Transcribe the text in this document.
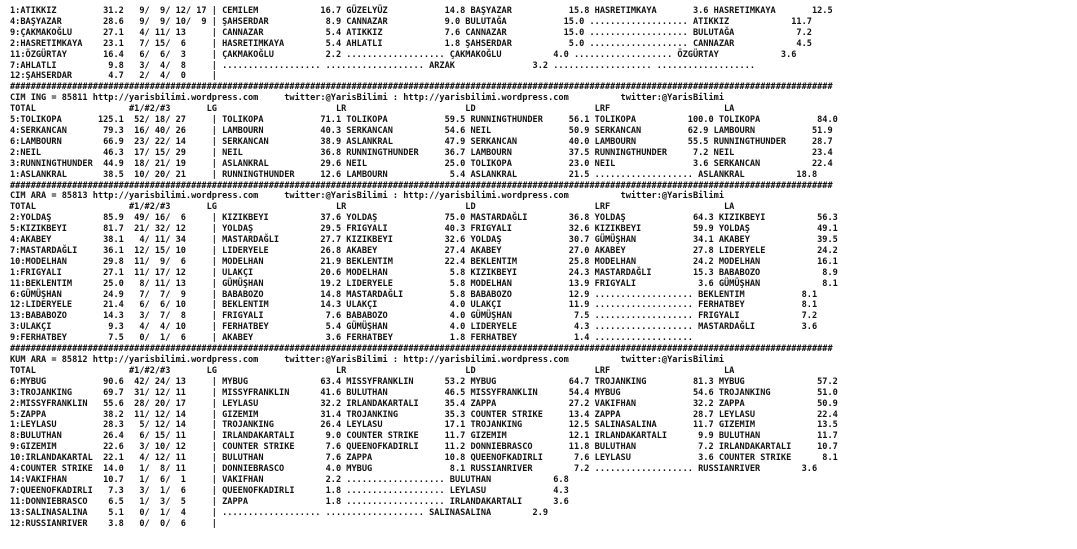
1:ATIKKIZ         31.2   9/  9/ 12/ 17 | CEMILEM            16.7 GÜZELYÜZ           14.8 BAŞYAZAR           15.8 HASRETIMKAYA       3.6 HASRETIMKAYA       12.5
4:BAŞYAZAR        28.6   9/  9/ 10/  9 | ŞAHSERDAR           8.9 CANNAZAR           9.0 BULUTAĞA           15.0 ................... ATIKKIZ            11.7
9:ÇAKMAKOĞLU      27.1   4/ 11/ 13     | CANNAZAR            5.4 ATIKKIZ            7.6 CANNAZAR           15.0 ................... BULUTAĞA            7.2
2:HASRETIMKAYA    23.1   7/ 15/  6     | HASRETIMKAYA        5.4 AHLATLI            1.8 ŞAHSERDAR           5.0 ................... CANNAZAR            4.5
11:ÖZGÜRTAY       16.4   6/  6/  3     | ÇAKMAKOĞLU          2.2 ................... ÇAKMAKOĞLU          4.0 ................... ÖZGÜRTAY            3.6
7:AHLATLI          9.8   3/  4/  8     | ................... ................... ARZAK               3.2 ................... ...................
12:ŞAHSERDAR       4.7   2/  4/  0     |
###############################################################################################################################################################
CIM ING = 85811 http://yarisbilimi.wordpress.com     twitter:@YarisBilimi : http://yarisbilimi.wordpress.com          twitter:@YarisBilimi
TOTAL                  #1/#2/#3       LG                       LR                       LD                       LRF                      LA
5:TOLIKOPA       125.1  52/ 18/ 27     | TOLIKOPA           71.1 TOLIKOPA           59.5 RUNNINGTHUNDER     56.1 TOLIKOPA          100.0 TOLIKOPA           84.0
4:SERKANCAN       79.3  16/ 40/ 26     | LAMBOURN           40.3 SERKANCAN          54.6 NEIL               50.9 SERKANCAN         62.9 LAMBOURN           51.9
6:LAMBOURN        66.9  23/ 22/ 14     | SERKANCAN          38.9 ASLANKRAL          47.9 SERKANCAN          40.0 LAMBOURN          55.5 RUNNINGTHUNDER     28.7
2:NEIL            46.3  17/ 15/ 29     | NEIL               36.8 RUNNINGTHUNDER     36.7 LAMBOURN           37.5 RUNNINGTHUNDER     7.2 NEIL               23.4
3:RUNNINGTHUNDER  44.9  18/ 21/ 19     | ASLANKRAL          29.6 NEIL               25.0 TOLIKOPA           23.0 NEIL               3.6 SERKANCAN          22.4
1:ASLANKRAL       38.5  10/ 20/ 21     | RUNNINGTHUNDER     12.6 LAMBOURN            5.4 ASLANKRAL          21.5 ................... ASLANKRAL          18.8
###############################################################################################################################################################
CIM ARA = 85813 http://yarisbilimi.wordpress.com     twitter:@YarisBilimi : http://yarisbilimi.wordpress.com          twitter:@YarisBilimi
TOTAL                  #1/#2/#3       LG                       LR                       LD                       LRF                      LA
2:YOLDAŞ          85.9  49/ 16/  6     | KIZIKBEYI          37.6 YOLDAŞ             75.0 MASTARDAĞLI        36.8 YOLDAŞ             64.3 KIZIKBEYI          56.3
5:KIZIKBEYI       81.7  21/ 32/ 12     | YOLDAŞ             29.5 FRIGYALI           40.3 FRIGYALI           32.6 KIZIKBEYI          59.9 YOLDAŞ             49.1
4:AKABEY          38.1   4/ 11/ 34     | MASTARDAĞLI        27.7 KIZIKBEYI          32.6 YOLDAŞ             30.7 GÜMÜŞHAN           34.1 AKABEY             39.5
7:MASTARDAĞLI     36.1  12/ 15/ 10     | LIDERYELE          26.8 AKABEY             27.4 AKABEY             27.0 AKABEY             27.8 LIDERYELE          24.2
10:MODELHAN       29.8  11/  9/  6     | MODELHAN           21.9 BEKLENTIM          22.4 BEKLENTIM          25.8 MODELHAN           24.2 MODELHAN           16.1
1:FRIGYALI        27.1  11/ 17/ 12     | ULAKÇI             20.6 MODELHAN            5.8 KIZIKBEYI          24.3 MASTARDAĞLI        15.3 BABABOZO            8.9
11:BEKLENTIM      25.0   8/ 11/ 13     | GÜMÜŞHAN           19.2 LIDERYELE           5.8 MODELHAN           13.9 FRIGYALI            3.6 GÜMÜŞHAN            8.1
6:GÜMÜŞHAN        24.9   7/  7/  9     | BABABOZO           14.8 MASTARDAĞLI         5.8 BABABOZO           12.9 ................... BEKLENTIM           8.1
12:LIDERYELE      21.4   6/  6/ 10     | BEKLENTIM          14.3 ULAKÇI              4.0 ULAKÇI             11.9 ................... FERHATBEY           8.1
13:BABABOZO       14.3   3/  7/  8     | FRIGYALI            7.6 BABABOZO            4.0 GÜMÜŞHAN            7.5 ................... FRIGYALI            7.2
3:ULAKÇI           9.3   4/  4/ 10     | FERHATBEY           5.4 GÜMÜŞHAN            4.0 LIDERYELE           4.3 ................... MASTARDAĞLI         3.6
9:FERHATBEY        7.5   0/  1/  6     | AKABEY              3.6 FERHATBEY           1.8 FERHATBEY           1.4 ...................
###############################################################################################################################################################
KUM ARA = 85812 http://yarisbilimi.wordpress.com     twitter:@YarisBilimi : http://yarisbilimi.wordpress.com          twitter:@YarisBilimi
TOTAL                  #1/#2/#3       LG                       LR                       LD                       LRF                      LA
6:MYBUG           90.6  42/ 24/ 13     | MYBUG              63.4 MISSYFRANKLIN      53.2 MYBUG              64.7 TROJANKING         81.3 MYBUG              57.2
3:TROJANKING      69.7  31/ 12/ 11     | MISSYFRANKLIN      41.6 BULUTHAN           46.5 MISSYFRANKLIN      54.4 MYBUG              54.6 TROJANKING         51.0
2:MISSYFRANKLIN   55.6  28/ 20/ 17     | LEYLASU            32.2 IRLANDAKARTALI     35.4 ZAPPA              27.2 VAKIFHAN           32.2 ZAPPA              50.9
5:ZAPPA           38.2  11/ 12/ 14     | GIZEMIM            31.4 TROJANKING         35.3 COUNTER STRIKE     13.4 ZAPPA              28.7 LEYLASU            22.4
1:LEYLASU         28.3   5/ 12/ 14     | TROJANKING         26.4 LEYLASU            17.1 TROJANKING         12.5 SALINASALINA       11.7 GIZEMIM            13.5
8:BULUTHAN        26.4   6/ 15/ 11     | IRLANDAKARTALI      9.0 COUNTER STRIKE     11.7 GIZEMIM            12.1 IRLANDAKARTALI      9.9 BULUTHAN           11.7
9:GIZEMIM         22.6   3/ 10/ 12     | COUNTER STRIKE      7.6 QUEENOFKADIRLI     11.2 DONNIEBRASCO       11.8 BULUTHAN            7.2 IRLANDAKARTALI     10.7
10:IRLANDAKARTAL  22.1   4/ 12/ 11     | BULUTHAN            7.6 ZAPPA              10.8 QUEENOFKADIRLI      7.6 LEYLASU             3.6 COUNTER STRIKE      8.1
4:COUNTER STRIKE  14.0   1/  8/ 11     | DONNIEBRASCO        4.0 MYBUG               8.1 RUSSIANRIVER        7.2 ................... RUSSIANRIVER        3.6
14:VAKIFHAN       10.7   1/  6/  1     | VAKIFHAN            2.2 ................... BULUTHAN            6.8
7:QUEENOFKADIRLI   7.3   3/  1/  6     | QUEENOFKADIRLI      1.8 ................... LEYLASU             4.3
11:DONNIEBRASCO    6.5   1/  3/  5     | ZAPPA               1.8 ................... IRLANDAKARTALI      3.6
13:SALINASALINA    5.1   0/  1/  4     | ................... ................... SALINASALINA        2.9
12:RUSSIANRIVER    3.8   0/  0/  6     |
